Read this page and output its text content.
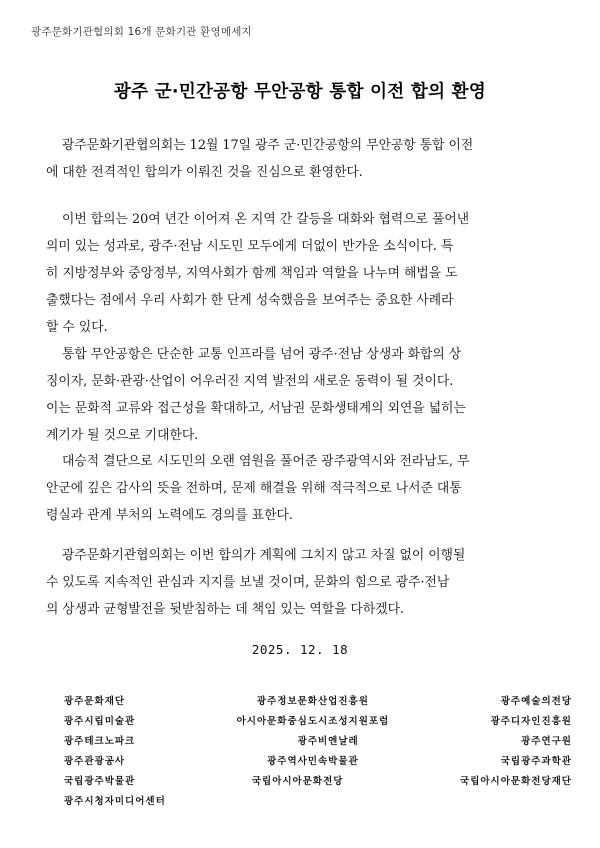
광주문화기관협의회 16개 문화기관 환영메세지
광주 군·민간공항 무안공항 통합 이전 합의 환영

광주문화기관협의회는 12월 17일 광주 군·민간공항의 무안공항 통합 이전
에 대한 전격적인 합의가 이뤄진 것을 진심으로 환영한다.

이번 합의는 20여 년간 이어져 온 지역 간 갈등을 대화와 협력으로 풀어낸
의미 있는 성과로, 광주·전남 시도민 모두에게 더없이 반가운 소식이다. 특
히 지방정부와 중앙정부, 지역사회가 함께 책임과 역할을 나누며 해법을 도
출했다는 점에서 우리 사회가 한 단계 성숙했음을 보여주는 중요한 사례라
할 수 있다.

통합 무안공항은 단순한 교통 인프라를 넘어 광주·전남 상생과 화합의 상
징이자, 문화·관광·산업이 어우러진 지역 발전의 새로운 동력이 될 것이다.
이는 문화적 교류와 접근성을 확대하고, 서남권 문화생태계의 외연을 넓히는
계기가 될 것으로 기대한다.

대승적 결단으로 시도민의 오랜 염원을 풀어준 광주광역시와 전라남도, 무
안군에 깊은 감사의 뜻을 전하며, 문제 해결을 위해 적극적으로 나서준 대통
령실과 관계 부처의 노력에도 경의를 표한다.

광주문화기관협의회는 이번 합의가 계획에 그치지 않고 차질 없이 이행될
수 있도록 지속적인 관심과 지지를 보낼 것이며, 문화의 힘으로 광주·전남
의 상생과 균형발전을 뒷받침하는 데 책임 있는 역할을 다하겠다.

2025. 12. 18
광주문화재단	광주정보문화산업진흥원	광주예술의전당
광주시립미술관	아시아문화중심도시조성지원포럼	광주디자인진흥원
광주테크노파크	광주비엔날레	광주연구원
광주관광공사	광주역사민속박물관	국립광주과학관
국립광주박물관	국립아시아문화전당	국립아시아문화전당재단
광주시청자미디어센터
